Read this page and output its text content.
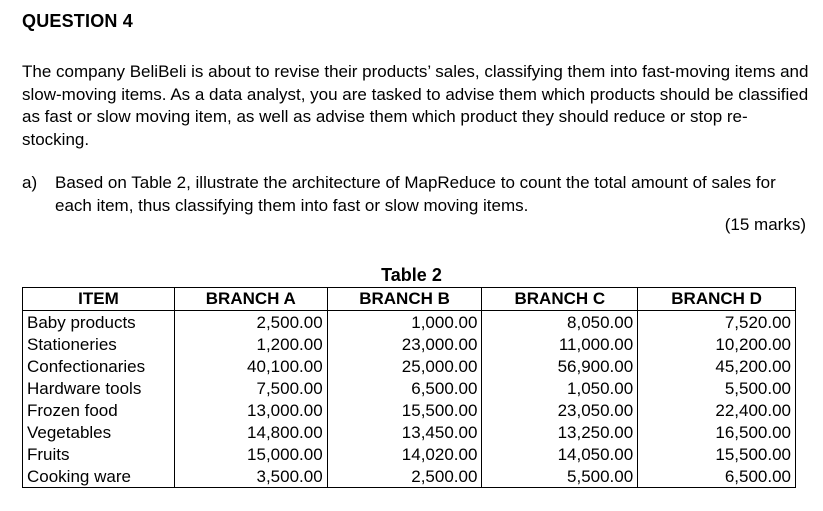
QUESTION 4
The company BeliBeli is about to revise their products’ sales, classifying them into fast-moving items and slow-moving items. As a data analyst, you are tasked to advise them which products should be classified as fast or slow moving item, as well as advise them which product they should reduce or stop re-stocking.
a) Based on Table 2, illustrate the architecture of MapReduce to count the total amount of sales for each item, thus classifying them into fast or slow moving items.
(15 marks)
Table 2
ITEM	BRANCH A	BRANCH B	BRANCH C	BRANCH D
Baby products	2,500.00	1,000.00	8,050.00	7,520.00
Stationeries	1,200.00	23,000.00	11,000.00	10,200.00
Confectionaries	40,100.00	25,000.00	56,900.00	45,200.00
Hardware tools	7,500.00	6,500.00	1,050.00	5,500.00
Frozen food	13,000.00	15,500.00	23,050.00	22,400.00
Vegetables	14,800.00	13,450.00	13,250.00	16,500.00
Fruits	15,000.00	14,020.00	14,050.00	15,500.00
Cooking ware	3,500.00	2,500.00	5,500.00	6,500.00
